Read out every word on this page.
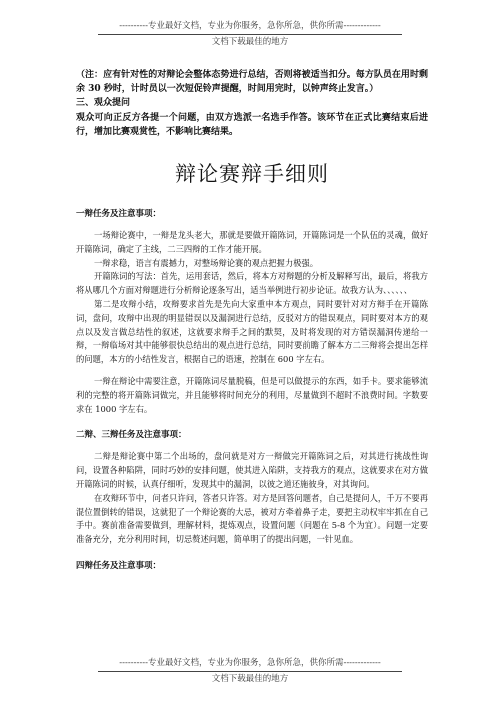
----------专业最好文档，专业为你服务，急你所急，供你所需-------------
文档下载最佳的地方

（注：应有针对性的对辩论会整体态势进行总结，否则将被适当扣分。每方队员在用时剩余 30 秒时，计时员以一次短促铃声提醒，时间用完时，以钟声终止发言。）

三、观众提问

观众可向正反方各提一个问题，由双方选派一名选手作答。该环节在正式比赛结束后进行，增加比赛观赏性，不影响比赛结果。

辩论赛辩手细则

一辩任务及注意事项：

一场辩论赛中，一辩是龙头老大，那就是要做开篇陈词，开篇陈词是一个队伍的灵魂，做好开篇陈词，确定了主线，二三四辩的工作才能开展。

一辩求稳，语言有震撼力，对整场辩论赛的观点把握力极强。

开篇陈词的写法：首先，运用套话，然后，将本方对辩题的分析及解释写出，最后，将我方将从哪几个方面对辩题进行分析辩论逐条写出，适当举例进行初步论证。故我方认为、、、、、、

第二是攻辩小结，攻辩要求首先是先向大家重申本方观点，同时要针对对方辩手在开篇陈词，盘问，攻辩中出现的明显错误以及漏洞进行总结，反驳对方的错误观点，同时要对本方的观点以及发言做总结性的叙述，这就要求辩手之间的默契，及时将发现的对方错误漏洞传递给一辩，一辩临场对其中能够很快总结出的观点进行总结，同时要前瞻了解本方二三辩将会提出怎样的问题，本方的小结性发言，根据自己的语速，控制在 600 字左右。

一辩在辩论中需要注意，开篇陈词尽量脱稿，但是可以做提示的东西，如手卡。要求能够流利的完整的将开篇陈词做完，并且能够将时间充分的利用，尽量做到不超时不浪费时间。字数要求在 1000 字左右。

二辩、三辩任务及注意事项：

二辩是辩论赛中第二个出场的，盘问就是对方一辩做完开篇陈词之后，对其进行挑战性询问，设置各种陷阱，同时巧妙的安排问题，使其进入陷阱，支持我方的观点，这就要求在对方做开篇陈词的时候，认真仔细听，发现其中的漏洞，以彼之道还施彼身，对其询问。

在攻辩环节中，问者只许问，答者只许答。对方是回答问题者，自己是提问人，千万不要再混位置倒转的错误，这就犯了一个辩论赛的大忌，被对方牵着鼻子走，要把主动权牢牢抓在自己手中。赛前准备需要做到，理解材料，提炼观点，设置问题（问题在 5-8 个为宜）。问题一定要准备充分，充分利用时间，切忌赘述问题，简单明了的提出问题，一针见血。

四辩任务及注意事项：

----------专业最好文档，专业为你服务，急你所急，供你所需-------------
文档下载最佳的地方
